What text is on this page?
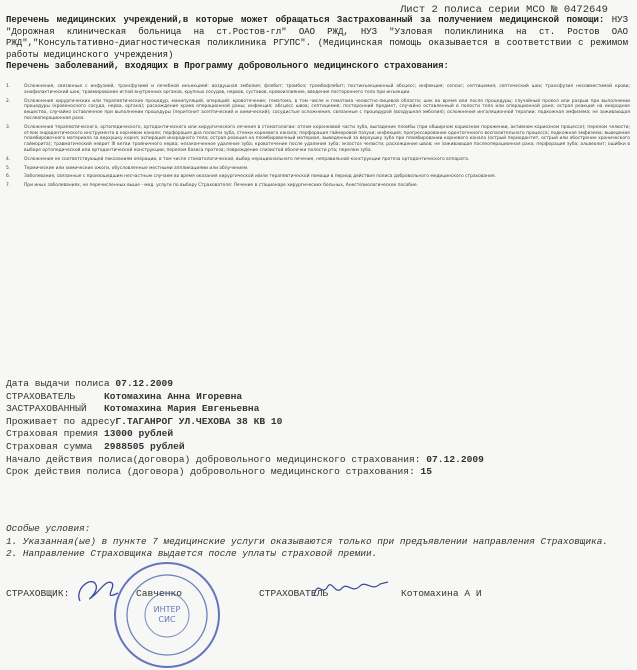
Лист 2 полиса серии МСО № 0472649
Перечень медицинских учреждений,в которые может обращаться Застрахованный за получением медицинской помощи: НУЗ "Дорожная клиническая больница на ст.Ростов-гл" ОАО РЖД, НУЗ "Узловая поликлиника на ст. Ростов ОАО РЖД","Консультативно-диагностическая поликлиника РГУПС". (Медицинская помощь оказывается в соответствии с режимом работы медицинского учреждения)
Перечень заболеваний, входящих в Программу добровольного медицинского страхования:
1.	Осложнения, связанные с инфузией, трансфузией и лечебной инъекцией: воздушная эмболия; флебит; тромбоз; тромбофлебит; постинъекционный абсцесс; инфекция; сепсис; септицемия; септический шок; трансфузия несовместимой крови; анафилактический шок; травмирование иглой внутренних органов, крупных сосудов, нервов, суставов, кровоизлияние, введение постороннего тела при инъекции.
2.	Осложнения хирургических или терапевтических процедур, манипуляций, операций: кровотечение; гематома, в том числе и гематома челюстно-лицевой области; шок во время или после процедуры; случайный прокол или разрыв при выполнении процедуры (кровеносного сосуда, нерва, органа); расхождение краев операционной раны; инфекция; абсцесс швов; септицемия; посторонний предмет, случайно оставленный в полости тела или операционной ране; острая реакция на инородное вещество, случайно оставленное при выполнении процедуры (перитонит асептический и химический); сосудистые осложнения, связанные с процедурой (воздушная эмболия); осложнения ингаляционной терапии; подкожная эмфизема; не заживающая послеоперационная рана.
3.	Осложнения терапевтического, ортопедического, ортодонтического или хирургического лечения в стоматологии: отлом коронковой части зуба, выпадение пломбы (при обширном кариозном поражении, активном кариозном процессе); перелом челюсти; отлом эндодонтического инструмента в корневом канале; перфорация дна полости зуба, стенки корневого канала; перфорация гайморовой пазухи; инфекция; прогрессирование одонтогенного воспалительного процесса; подкожная эмфизема; выведение пломбировочного материала за верхушку корня; аспирация инородного тела; острая реакция на пломбировочный материал, выведенный за верхушку зуба при пломбировании корневого канала (острый периодонтит, острый или обострение хронического гайморита); травматический неврит III ветви тройничного нерва; незаконченное удаление зуба; кровотечение после удаления зуба; экзостоз челюсти; расхождение швов; не заживающая послеоперационная рана; перфорация зуба; альвеолит; ошибки в выборе ортопедической или ортодонтической конструкции; перелом базиса протеза; повреждение слизистой оболочки полости рта; перелом зуба.
4.	Осложнения не соответствующей показаниям операции, в том числе стоматологической, выбор нерационального лечения, неправильной конструкции протеза ортодонтического аппарата.
5.	Термические или химические ожоги, обусловленные местными аппликациями или облучением.
6.	Заболевания, связанные с произошедшим несчастным случаем во время оказания хирургической и/или терапевтической помощи в период действия полиса добровольного медицинского страхования.
7.	При иных заболеваниях, не перечисленных выше - мед. услуги по выбору Страхователя: Лечение в стационаре хирургических больных, Анестезиологическое пособие.
Дата выдачи полиса 07.12.2009
СТРАХОВАТЕЛЬ	Котомахина Анна Игоревна
ЗАСТРАХОВАННЫЙ Котомахина Мария Евгеньевна
Проживает по адресуГ.ТАГАНРОГ УЛ.ЧЕХОВА 38 КВ 10
Страховая премия 13000 рублей
Страховая сумма 2988505 рублей
Начало действия полиса(договора) добровольного медицинского страхования: 07.12.2009
Срок действия полиса (договора) добровольного медицинского страхования: 15
Особые условия:
1. Указанная(ые) в пункте 7 медицинские услуги оказываются только при предъявлении направления Страховщика.
2. Направление Страховщика выдается после уплаты страховой премии.
СТРАХОВЩИК:	Савченко	СТРАХОВАТЕЛЬ	Котомахина А И
ИНТЕР
СИС
